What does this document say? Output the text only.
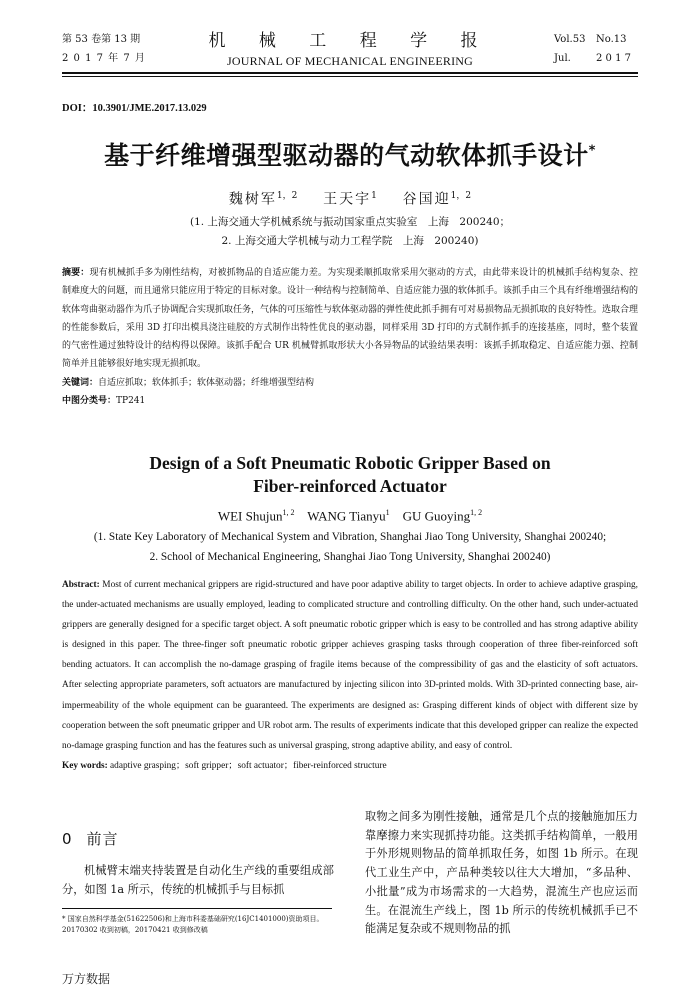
第 53 卷第 13 期
2 0 1 7 年 7 月
机 械 工 程 学 报
JOURNAL OF MECHANICAL ENGINEERING
Vol.53 No.13
Jul.	2 0 1 7
DOI：10.3901/JME.2017.13.029
基于纤维增强型驱动器的气动软体抓手设计*
魏树军$^{1,2}$ 王天宇$^1$ 谷国迎$^{1,2}$
(1. 上海交通大学机械系统与振动国家重点实验室　上海　200240；
2. 上海交通大学机械与动力工程学院　上海　200240)
摘要：现有机械抓手多为刚性结构，对被抓物品的自适应能力差。为实现柔顺抓取常采用欠驱动的方式，由此带来设计的机械抓手结构复杂、控制难度大的问题，而且通常只能应用于特定的目标对象。设计一种结构与控制简单、自适应能力强的软体抓手。该抓手由三个具有纤维增强结构的软体弯曲驱动器作为爪子协调配合实现抓取任务，气体的可压缩性与软体驱动器的弹性使此抓手拥有可对易损物品无损抓取的良好特性。选取合理的性能参数后，采用 3D 打印出模具浇注硅胶的方式制作出特性优良的驱动器，同样采用 3D 打印的方式制作抓手的连接基座，同时，整个装置的气密性通过独特设计的结构得以保障。该抓手配合 UR 机械臂抓取形状大小各异物品的试验结果表明：该抓手抓取稳定、自适应能力强、控制简单并且能够很好地实现无损抓取。
关键词：自适应抓取；软体抓手；软体驱动器；纤维增强型结构
中图分类号：TP241
Design of a Soft Pneumatic Robotic Gripper Based on
Fiber-reinforced Actuator
WEI Shujun$^{1, 2}$ WANG Tianyu$^1$ GU Guoying$^{1, 2}$
(1. State Key Laboratory of Mechanical System and Vibration, Shanghai Jiao Tong University, Shanghai 200240;
2. School of Mechanical Engineering, Shanghai Jiao Tong University, Shanghai 200240)
Abstract: Most of current mechanical grippers are rigid-structured and have poor adaptive ability to target objects. In order to achieve adaptive grasping, the under-actuated mechanisms are usually employed, leading to complicated structure and controlling difficulty. On the other hand, such under-actuated grippers are generally designed for a specific target object. A soft pneumatic robotic gripper which is easy to be controlled and has strong adaptive ability is designed in this paper. The three-finger soft pneumatic robotic gripper achieves grasping tasks through cooperation of three fiber-reinforced soft bending actuators. It can accomplish the no-damage grasping of fragile items because of the compressibility of gas and the elasticity of soft actuators. After selecting appropriate parameters, soft actuators are manufactured by injecting silicon into 3D-printed molds. With 3D-printed connecting base, air-impermeability of the whole equipment can be guaranteed. The experiments are designed as: Grasping different kinds of object with different size by cooperation between the soft pneumatic gripper and UR robot arm. The results of experiments indicate that this developed gripper can realize the expected no-damage grasping function and has the features such as universal grasping, strong adaptive ability, and easy of control.
Key words: adaptive grasping；soft gripper；soft actuator；fiber-reinforced structure
0 前言
机械臂末端夹持装置是自动化生产线的重要组成部分，如图 1a 所示，传统的机械抓手与目标抓
* 国家自然科学基金(51622506)和上海市科委基础研究(16JC1401000)资助项目。20170302 收到初稿，20170421 收到修改稿
取物之间多为刚性接触，通常是几个点的接触施加压力靠摩擦力来实现抓持功能。这类抓手结构简单，一般用于外形规则物品的简单抓取任务，如图 1b 所示。在现代工业生产中，产品种类较以往大大增加，“多品种、小批量”成为市场需求的一大趋势，混流生产也应运而生。在混流生产线上，图 1b 所示的传统机械抓手已不能满足复杂或不规则物品的抓
万方数据
